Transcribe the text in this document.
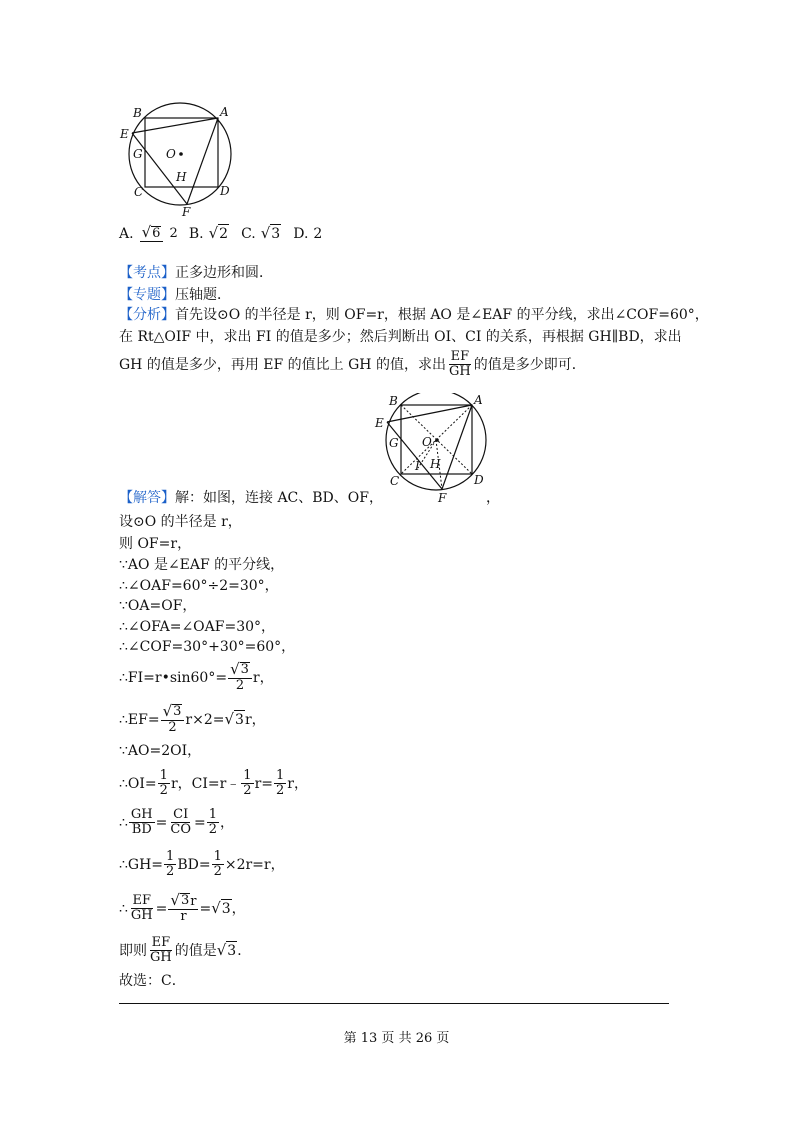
B	A
E
G O
H
C	D
F
A. √6 2 B. √2 C. √3 D. 2
【考点】正多边形和圆．
【专题】压轴题．
【分析】首先设⊙O 的半径是 r，则 OF=r，根据 AO 是∠EAF 的平分线，求出∠COF=60°，
在 Rt△OIF 中，求出 FI 的值是多少；然后判断出 OI、CI 的关系，再根据 GH∥BD，求出
GH 的值是多少，再用 EF 的值比上 GH 的值，求出 $\frac{EF}{GH}$ 的值是多少即可．
B	A
E
G O
I H
C	D
F
【解答】解：如图，连接 AC、BD、OF，	，
设⊙O 的半径是 r，
则 OF=r，
∵AO 是∠EAF 的平分线，
∴∠OAF=60°÷2=30°，
∵OA=OF，
∴∠OFA=∠OAF=30°，
∴∠COF=30°+30°=60°，
∴FI=r•sin60°= $\frac{√ 3}{2}$ r，
∴EF= $\frac{√ 3}{2} r\times 2=$ √ 3 r，
∵AO=2OI，
∴OI= $\frac{1}{2}$ r，CI=r﹣ $\frac{1}{2} r= \frac{1}{2}$ r，
∴ $\frac{GH}{BD} = \frac{CI}{CO} = \frac{1}{2}$ ，
∴GH= $\frac{1}{2} BD= \frac{1}{2} \times 2r=r$，
∴ $\frac{EF}{GH} = \frac{√ 3 r}{r}$ = √ 3 ，
即则 $\frac{EF}{GH}$ 的值是 √ 3 ．
故选：C．
第 13 页 共 26 页
